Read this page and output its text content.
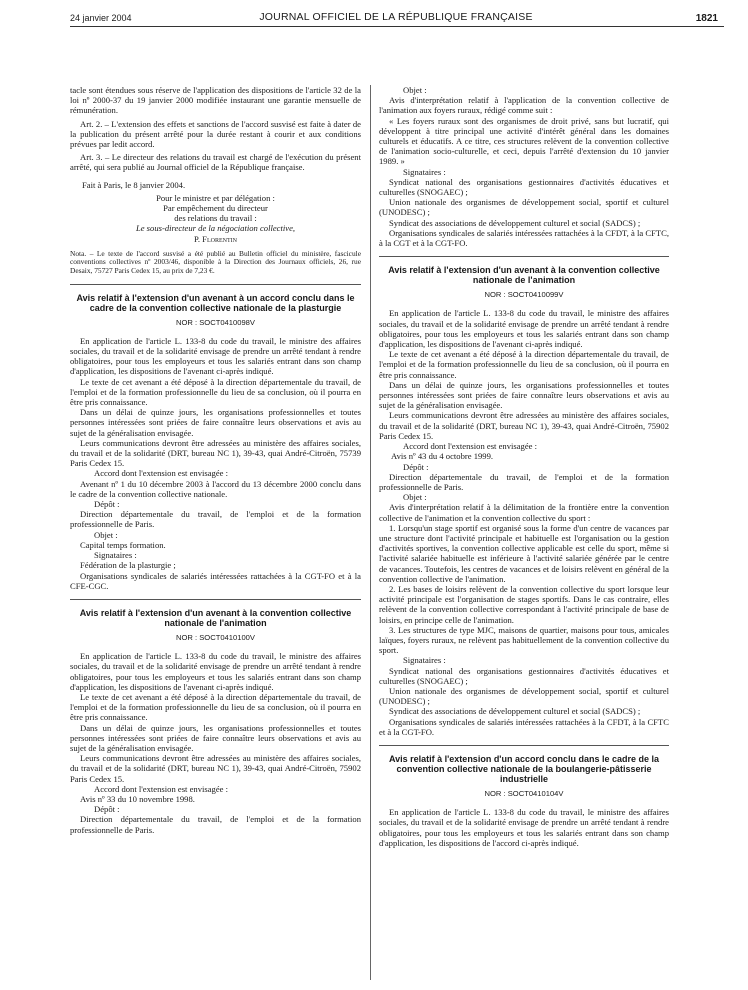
24 janvier 2004	JOURNAL OFFICIEL DE LA RÉPUBLIQUE FRANÇAISE	1821

tacle sont étendues sous réserve de l'application des dispositions de l'article 32 de la loi nº 2000-37 du 19 janvier 2000 modifiée instaurant une garantie mensuelle de rémunération.

Art. 2. – L'extension des effets et sanctions de l'accord susvisé est faite à dater de la publication du présent arrêté pour la durée restant à courir et aux conditions prévues par ledit accord.

Art. 3. – Le directeur des relations du travail est chargé de l'exécution du présent arrêté, qui sera publié au Journal officiel de la République française.

Fait à Paris, le 8 janvier 2004.

Pour le ministre et par délégation :

Par empêchement du directeur

des relations du travail :

Le sous-directeur de la négociation collective,

P. Florentin

Nota. – Le texte de l'accord susvisé a été publié au Bulletin officiel du ministère, fascicule conventions collectives nº 2003/46, disponible à la Direction des Journaux officiels, 26, rue Desaix, 75727 Paris Cedex 15, au prix de 7,23 €.

Avis relatif à l'extension d'un avenant à un accord conclu dans le cadre de la convention collective nationale de la plasturgie

NOR : SOCT0410098V

En application de l'article L. 133-8 du code du travail, le ministre des affaires sociales, du travail et de la solidarité envisage de prendre un arrêté tendant à rendre obligatoires, pour tous les employeurs et tous les salariés entrant dans son champ d'application, les dispositions de l'avenant ci-après indiqué.

Le texte de cet avenant a été déposé à la direction départementale du travail, de l'emploi et de la formation professionnelle du lieu de sa conclusion, où il pourra en être pris connaissance.

Dans un délai de quinze jours, les organisations professionnelles et toutes personnes intéressées sont priées de faire connaître leurs observations et avis au sujet de la généralisation envisagée.

Leurs communications devront être adressées au ministère des affaires sociales, du travail et de la solidarité (DRT, bureau NC 1), 39-43, quai André-Citroën, 75739 Paris Cedex 15.

Accord dont l'extension est envisagée :

Avenant nº 1 du 10 décembre 2003 à l'accord du 13 décembre 2000 conclu dans le cadre de la convention collective nationale.

Dépôt :

Direction départementale du travail, de l'emploi et de la formation professionnelle de Paris.

Objet :

Capital temps formation.

Signataires :

Fédération de la plasturgie ;

Organisations syndicales de salariés intéressées rattachées à la CGT-FO et à la CFE-CGC.

Avis relatif à l'extension d'un avenant à la convention collective nationale de l'animation

NOR : SOCT0410100V

En application de l'article L. 133-8 du code du travail, le ministre des affaires sociales, du travail et de la solidarité envisage de prendre un arrêté tendant à rendre obligatoires, pour tous les employeurs et tous les salariés entrant dans son champ d'application, les dispositions de l'avenant ci-après indiqué.

Le texte de cet avenant a été déposé à la direction départementale du travail, de l'emploi et de la formation professionnelle du lieu de sa conclusion, où il pourra en être pris connaissance.

Dans un délai de quinze jours, les organisations professionnelles et toutes personnes intéressées sont priées de faire connaître leurs observations et avis au sujet de la généralisation envisagée.

Leurs communications devront être adressées au ministère des affaires sociales, du travail et de la solidarité (DRT, bureau NC 1), 39-43, quai André-Citroën, 75902 Paris Cedex 15.

Accord dont l'extension est envisagée :

Avis nº 33 du 10 novembre 1998.

Dépôt :

Direction départementale du travail, de l'emploi et de la formation professionnelle de Paris.

Objet :

Avis d'interprétation relatif à l'application de la convention collective de l'animation aux foyers ruraux, rédigé comme suit :

« Les foyers ruraux sont des organismes de droit privé, sans but lucratif, qui développent à titre principal une activité d'intérêt général dans les domaines culturels et éducatifs. A ce titre, ces structures relèvent de la convention collective de l'animation socio-culturelle, et ceci, depuis l'arrêté d'extension du 10 janvier 1989. »

Signataires :

Syndicat national des organisations gestionnaires d'activités éducatives et culturelles (SNOGAEC) ;

Union nationale des organismes de développement social, sportif et culturel (UNODESC) ;

Syndicat des associations de développement culturel et social (SADCS) ;

Organisations syndicales de salariés intéressées rattachées à la CFDT, à la CFTC, à la CGT et à la CGT-FO.

Avis relatif à l'extension d'un avenant à la convention collective nationale de l'animation

NOR : SOCT0410099V

En application de l'article L. 133-8 du code du travail, le ministre des affaires sociales, du travail et de la solidarité envisage de prendre un arrêté tendant à rendre obligatoires, pour tous les employeurs et tous les salariés entrant dans son champ d'application, les dispositions de l'avenant ci-après indiqué.

Le texte de cet avenant a été déposé à la direction départementale du travail, de l'emploi et de la formation professionnelle du lieu de sa conclusion, où il pourra en être pris connaissance.

Dans un délai de quinze jours, les organisations professionnelles et toutes personnes intéressées sont priées de faire connaître leurs observations et avis au sujet de la généralisation envisagée.

Leurs communications devront être adressées au ministère des affaires sociales, du travail et de la solidarité (DRT, bureau NC 1), 39-43, quai André-Citroën, 75902 Paris Cedex 15.

Accord dont l'extension est envisagée :

Avis nº 43 du 4 octobre 1999.

Dépôt :

Direction départementale du travail, de l'emploi et de la formation professionnelle de Paris.

Objet :

Avis d'interprétation relatif à la délimitation de la frontière entre la convention collective de l'animation et la convention collective du sport :

1. Lorsqu'un stage sportif est organisé sous la forme d'un centre de vacances par une structure dont l'activité principale et habituelle est l'organisation ou la gestion d'activités sportives, la convention collective applicable est celle du sport, même si l'activité salariée habituelle est inférieure à l'activité salariée générée par le centre de vacances. Toutefois, les centres de vacances et de loisirs relèvent en général de la convention collective de l'animation.

2. Les bases de loisirs relèvent de la convention collective du sport lorsque leur activité principale est l'organisation de stages sportifs. Dans le cas contraire, elles relèvent de la convention collective correspondant à l'activité principale de base de loisirs, en principe celle de l'animation.

3. Les structures de type MJC, maisons de quartier, maisons pour tous, amicales laïques, foyers ruraux, ne relèvent pas habituellement de la convention collective du sport.

Signataires :

Syndicat national des organisations gestionnaires d'activités éducatives et culturelles (SNOGAEC) ;

Union nationale des organismes de développement social, sportif et culturel (UNODESC) ;

Syndicat des associations de développement culturel et social (SADCS) ;

Organisations syndicales de salariés intéressées rattachées à la CFDT, à la CFTC et à la CGT-FO.

Avis relatif à l'extension d'un accord conclu dans le cadre de la convention collective nationale de la boulangerie-pâtisserie industrielle

NOR : SOCT0410104V

En application de l'article L. 133-8 du code du travail, le ministre des affaires sociales, du travail et de la solidarité envisage de prendre un arrêté tendant à rendre obligatoires, pour tous les employeurs et tous les salariés entrant dans son champ d'application, les dispositions de l'accord ci-après indiqué.
